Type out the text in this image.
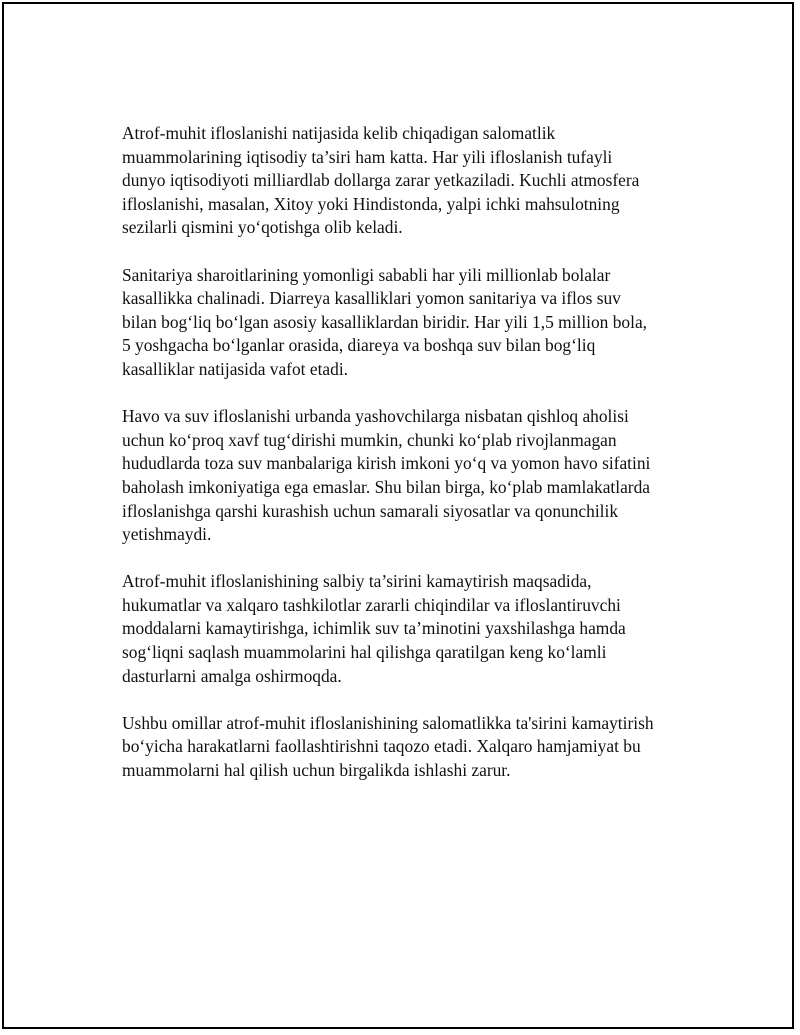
Atrof-muhit ifloslanishi natijasida kelib chiqadigan salomatlik
muammolarining iqtisodiy ta’siri ham katta. Har yili ifloslanish tufayli
dunyo iqtisodiyoti milliardlab dollarga zarar yetkaziladi. Kuchli atmosfera
ifloslanishi, masalan, Xitoy yoki Hindistonda, yalpi ichki mahsulotning
sezilarli qismini yo‘qotishga olib keladi.

Sanitariya sharoitlarining yomonligi sababli har yili millionlab bolalar
kasallikka chalinadi. Diarreya kasalliklari yomon sanitariya va iflos suv
bilan bog‘liq bo‘lgan asosiy kasalliklardan biridir. Har yili 1,5 million bola,
5 yoshgacha bo‘lganlar orasida, diareya va boshqa suv bilan bog‘liq
kasalliklar natijasida vafot etadi.

Havo va suv ifloslanishi urbanda yashovchilarga nisbatan qishloq aholisi
uchun ko‘proq xavf tug‘dirishi mumkin, chunki ko‘plab rivojlanmagan
hududlarda toza suv manbalariga kirish imkoni yo‘q va yomon havo sifatini
baholash imkoniyatiga ega emaslar. Shu bilan birga, ko‘plab mamlakatlarda
ifloslanishga qarshi kurashish uchun samarali siyosatlar va qonunchilik
yetishmaydi.

Atrof-muhit ifloslanishining salbiy ta’sirini kamaytirish maqsadida,
hukumatlar va xalqaro tashkilotlar zararli chiqindilar va ifloslantiruvchi
moddalarni kamaytirishga, ichimlik suv ta’minotini yaxshilashga hamda
sog‘liqni saqlash muammolarini hal qilishga qaratilgan keng ko‘lamli
dasturlarni amalga oshirmoqda.

Ushbu omillar atrof-muhit ifloslanishining salomatlikka ta'sirini kamaytirish
bo‘yicha harakatlarni faollashtirishni taqozo etadi. Xalqaro hamjamiyat bu
muammolarni hal qilish uchun birgalikda ishlashi zarur.
